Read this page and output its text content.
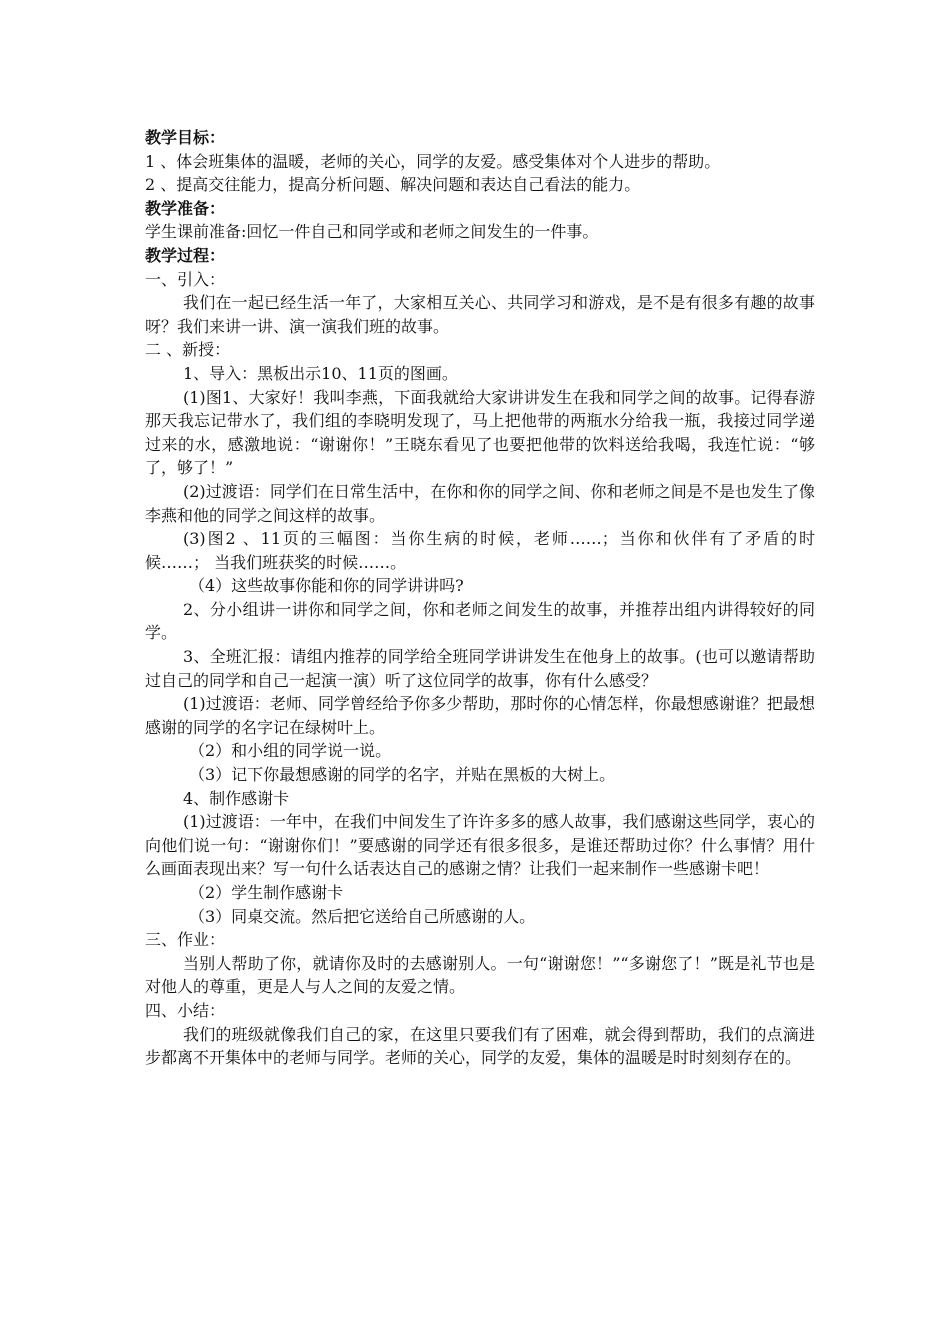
教学目标：

1 、体会班集体的温暖，老师的关心，同学的友爱。感受集体对个人进步的帮助。

2 、提高交往能力，提高分析问题、解决问题和表达自己看法的能力。

教学准备：

学生课前准备:回忆一件自己和同学或和老师之间发生的一件事。

教学过程：

一、引入：

我们在一起已经生活一年了，大家相互关心、共同学习和游戏，是不是有很多有趣的故事呀？我们来讲一讲、演一演我们班的故事。

二 、新授：

1、导入：黑板出示10、11页的图画。

(1)图1、大家好！我叫李燕，下面我就给大家讲讲发生在我和同学之间的故事。记得春游那天我忘记带水了，我们组的李晓明发现了，马上把他带的两瓶水分给我一瓶，我接过同学递过来的水，感激地说：“谢谢你！”王晓东看见了也要把他带的饮料送给我喝，我连忙说：“够了，够了！”

(2)过渡语：同学们在日常生活中，在你和你的同学之间、你和老师之间是不是也发生了像李燕和他的同学之间这样的故事。

(3)图2 、11页的三幅图：当你生病的时候，老师……；当你和伙伴有了矛盾的时候……； 当我们班获奖的时候……。

（4）这些故事你能和你的同学讲讲吗?

2、分小组讲一讲你和同学之间，你和老师之间发生的故事，并推荐出组内讲得较好的同学。

3、全班汇报：请组内推荐的同学给全班同学讲讲发生在他身上的故事。(也可以邀请帮助过自己的同学和自己一起演一演）听了这位同学的故事，你有什么感受？

(1)过渡语：老师、同学曾经给予你多少帮助，那时你的心情怎样，你最想感谢谁？把最想感谢的同学的名字记在绿树叶上。

（2）和小组的同学说一说。

（3）记下你最想感谢的同学的名字，并贴在黑板的大树上。

4、制作感谢卡

(1)过渡语：一年中，在我们中间发生了许许多多的感人故事，我们感谢这些同学，衷心的向他们说一句：“谢谢你们！”要感谢的同学还有很多很多，是谁还帮助过你？什么事情？用什么画面表现出来？写一句什么话表达自己的感谢之情？让我们一起来制作一些感谢卡吧！

（2）学生制作感谢卡

（3）同桌交流。然后把它送给自己所感谢的人。

三、作业：

当别人帮助了你，就请你及时的去感谢别人。一句“谢谢您！”“多谢您了！”既是礼节也是对他人的尊重，更是人与人之间的友爱之情。

四、小结：

我们的班级就像我们自己的家，在这里只要我们有了困难，就会得到帮助，我们的点滴进步都离不开集体中的老师与同学。老师的关心，同学的友爱，集体的温暖是时时刻刻存在的。
